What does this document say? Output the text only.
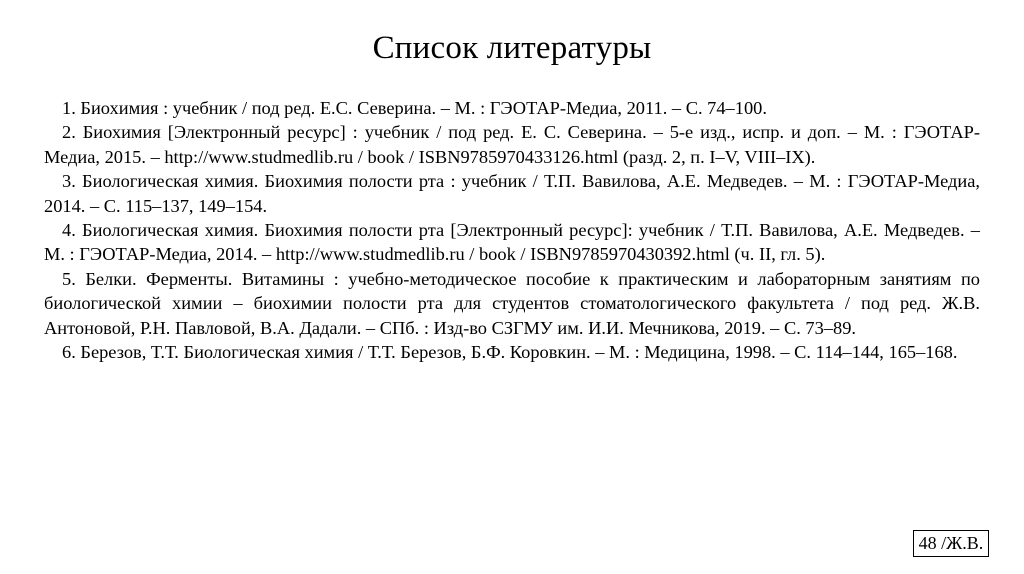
Список литературы
1. Биохимия : учебник / под ред. Е.С. Северина. – М. : ГЭОТАР-Медиа, 2011. – С. 74–100.
2. Биохимия [Электронный ресурс] : учебник / под ред. Е. С. Северина. – 5-е изд., испр. и доп. – М. : ГЭОТАР-Медиа, 2015. – http://www.studmedlib.ru / book / ISBN9785970433126.html (разд. 2, п. I–V, VIII–IX).
3. Биологическая химия. Биохимия полости рта : учебник / Т.П. Вавилова, А.Е. Медведев. – М. : ГЭОТАР-Медиа, 2014. – С. 115–137, 149–154.
4. Биологическая химия. Биохимия полости рта [Электронный ресурс]: учебник / Т.П. Вавилова, А.Е. Медведев. – М. : ГЭОТАР-Медиа, 2014. – http://www.studmedlib.ru / book / ISBN9785970430392.html (ч. II, гл. 5).
5. Белки. Ферменты. Витамины : учебно-методическое пособие к практическим и лабораторным занятиям по биологической химии – биохимии полости рта для студентов стоматологического факультета / под ред. Ж.В. Антоновой, Р.Н. Павловой, В.А. Дадали. – СПб. : Изд-во СЗГМУ им. И.И. Мечникова, 2019. – С. 73–89.
6. Березов, Т.Т. Биологическая химия / Т.Т. Березов, Б.Ф. Коровкин. – М. : Медицина, 1998. – С. 114–144, 165–168.
48 /Ж.В.
